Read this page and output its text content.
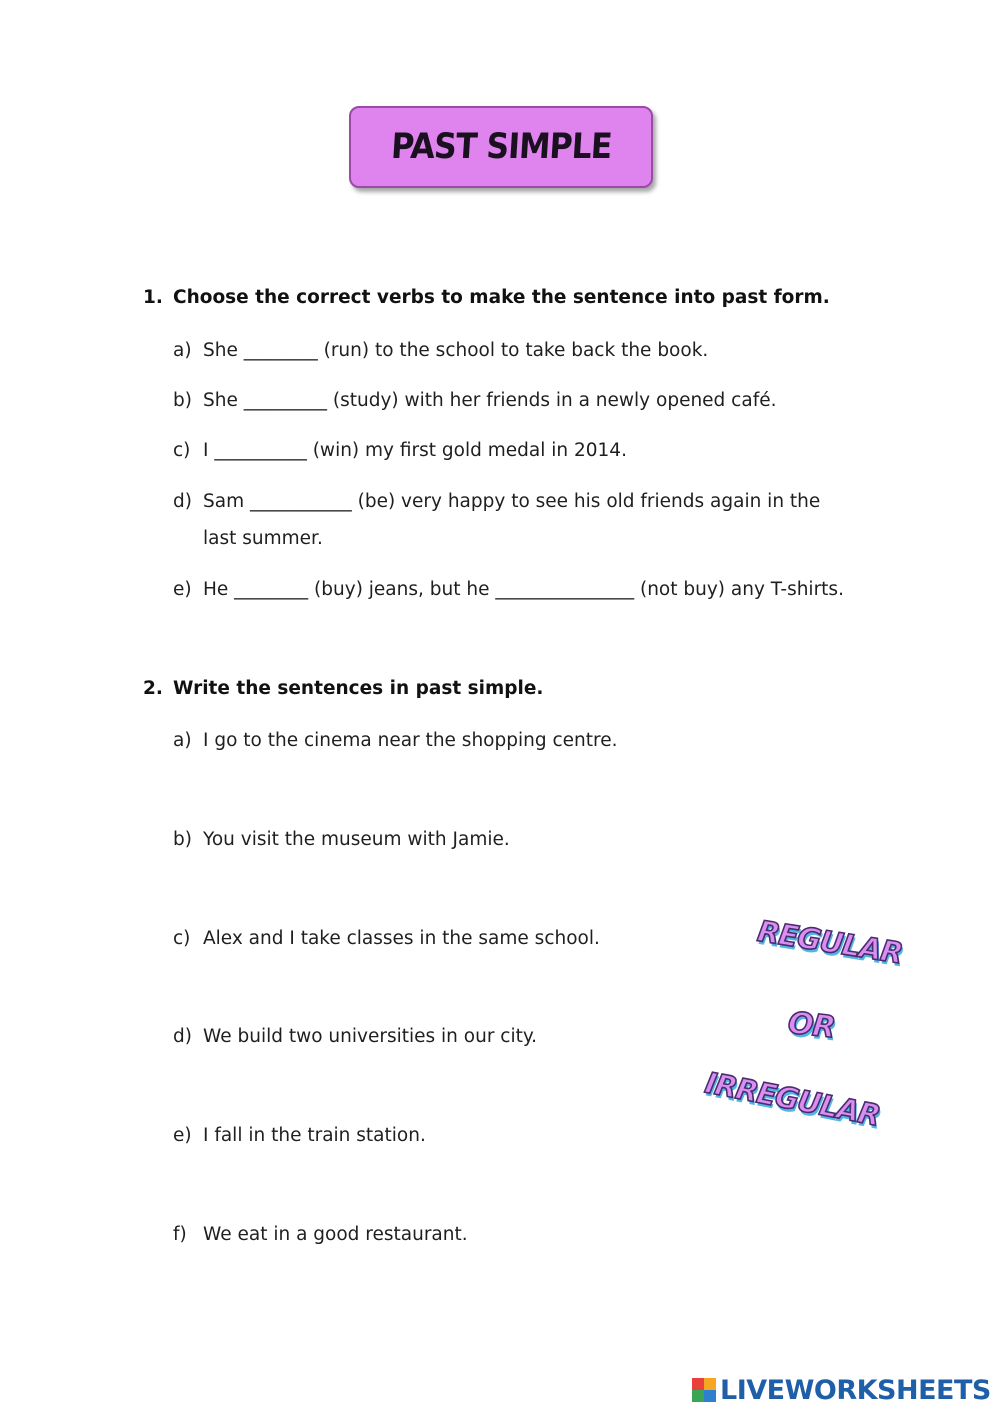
PAST SIMPLE
1. Choose the correct verbs to make the sentence into past form.
a) She ________ (run) to the school to take back the book.
b) She _________ (study) with her friends in a newly opened café.
c) I __________ (win) my first gold medal in 2014.
d) Sam ___________ (be) very happy to see his old friends again in the
last summer.
e) He ________ (buy) jeans, but he _______________ (not buy) any T-shirts.
2. Write the sentences in past simple.
a) I go to the cinema near the shopping centre.
b) You visit the museum with Jamie.
c) Alex and I take classes in the same school.
d) We build two universities in our city.
e) I fall in the train station.
f) We eat in a good restaurant.
REGULAR
OR
IRREGULAR
LIVEWORKSHEETS
